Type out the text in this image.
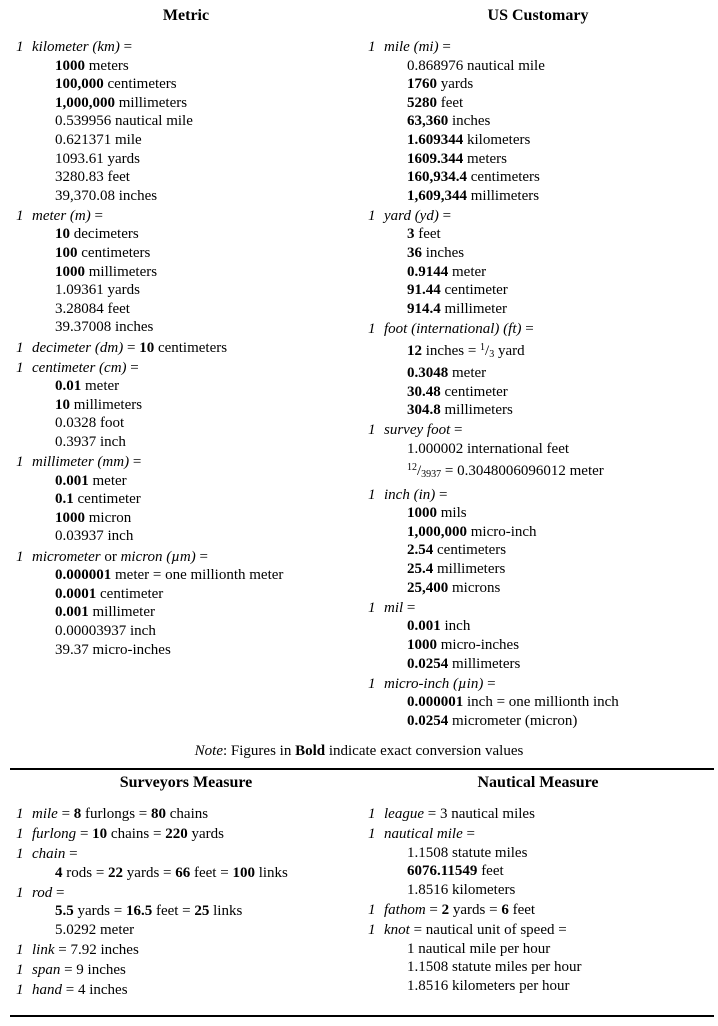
Metric	US Customary
1 kilometer (km) =
1000 meters
100,000 centimeters
1,000,000 millimeters
0.539956 nautical mile
0.621371 mile
1093.61 yards
3280.83 feet
39,370.08 inches
1 meter (m) =
10 decimeters
100 centimeters
1000 millimeters
1.09361 yards
3.28084 feet
39.37008 inches
1 decimeter (dm) = 10 centimeters
1 centimeter (cm) =
0.01 meter
10 millimeters
0.0328 foot
0.3937 inch
1 millimeter (mm) =
0.001 meter
0.1 centimeter
1000 micron
0.03937 inch
1 micrometer or micron (µm) =
0.000001 meter = one millionth meter
0.0001 centimeter
0.001 millimeter
0.00003937 inch
39.37 micro-inches
1 mile (mi) =
0.868976 nautical mile
1760 yards
5280 feet
63,360 inches
1.609344 kilometers
1609.344 meters
160,934.4 centimeters
1,609,344 millimeters
1 yard (yd) =
3 feet
36 inches
0.9144 meter
91.44 centimeter
914.4 millimeter
1 foot (international) (ft) =
12 inches = $^1/_3$ yard
0.3048 meter
30.48 centimeter
304.8 millimeters
1 survey foot =
1.000002 international feet
$^{12}/_{3937} = 0.3048006096012$ meter
1 inch (in) =
1000 mils
1,000,000 micro-inch
2.54 centimeters
25.4 millimeters
25,400 microns
1 mil =
0.001 inch
1000 micro-inches
0.0254 millimeters
1 micro-inch (µin) =
0.000001 inch = one millionth inch
0.0254 micrometer (micron)
Note: Figures in Bold indicate exact conversion values
Surveyors Measure	Nautical Measure
1 mile = 8 furlongs = 80 chains
1 furlong = 10 chains = 220 yards
1 chain =
4 rods = 22 yards = 66 feet = 100 links
1 rod =
5.5 yards = 16.5 feet = 25 links
5.0292 meter
1 link = 7.92 inches
1 span = 9 inches
1 hand = 4 inches
1 league = 3 nautical miles
1 nautical mile =
1.1508 statute miles
6076.11549 feet
1.8516 kilometers
1 fathom = 2 yards = 6 feet
1 knot = nautical unit of speed =
1 nautical mile per hour
1.1508 statute miles per hour
1.8516 kilometers per hour
